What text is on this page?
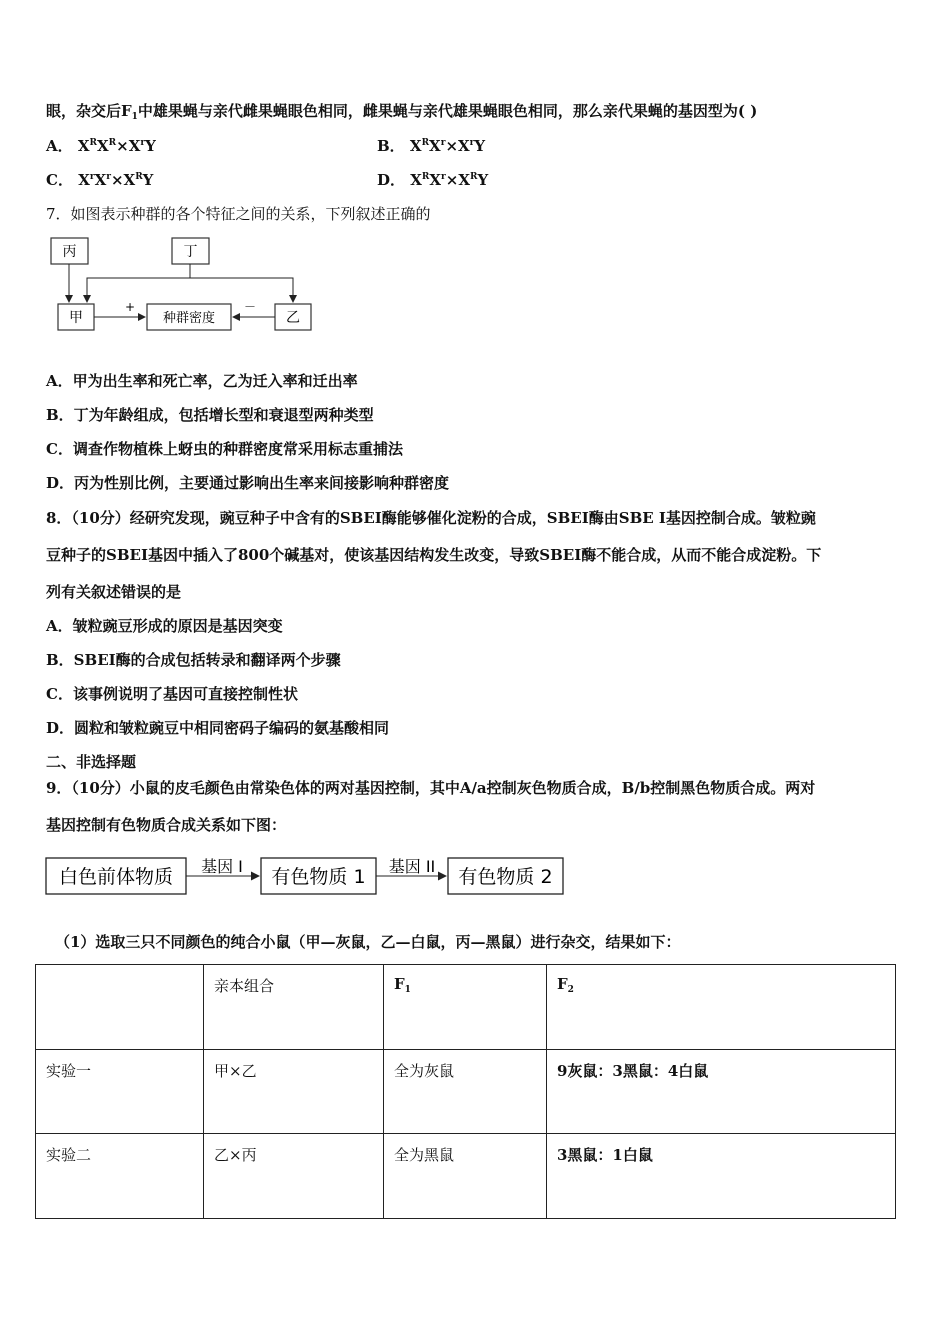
眼，杂交后$F_1$中雄果蝇与亲代雌果蝇眼色相同，雌果蝇与亲代雄果蝇眼色相同，那么亲代果蝇的基因型为( )
A． $X^RX^R\times X^rY$	B． $X^RX^r\times X^rY$
C． $X^rX^r\times X^RY$	D． $X^RX^r\times X^RY$
7．如图表示种群的各个特征之间的关系，下列叙述正确的
丙	丁
甲	种群密度	乙
+	－
A．甲为出生率和死亡率，乙为迁入率和迁出率
B．丁为年龄组成，包括增长型和衰退型两种类型
C．调查作物植株上蚜虫的种群密度常采用标志重捕法
D．丙为性别比例，主要通过影响出生率来间接影响种群密度
8．（10分）经研究发现，豌豆种子中含有的SBEI酶能够催化淀粉的合成，SBEI酶由SBE I基因控制合成。皱粒豌
豆种子的SBEI基因中插入了800个碱基对，使该基因结构发生改变，导致SBEI酶不能合成，从而不能合成淀粉。下
列有关叙述错误的是
A．皱粒豌豆形成的原因是基因突变
B．SBEI酶的合成包括转录和翻译两个步骤
C．该事例说明了基因可直接控制性状
D．圆粒和皱粒豌豆中相同密码子编码的氨基酸相同
二、非选择题
9．（10分）小鼠的皮毛颜色由常染色体的两对基因控制，其中A/a控制灰色物质合成，B/b控制黑色物质合成。两对
基因控制有色物质合成关系如下图：
白色前体物质 基因 I 有色物质 1 基因 II 有色物质 2
（1）选取三只不同颜色的纯合小鼠（甲—灰鼠，乙—白鼠，丙—黑鼠）进行杂交，结果如下：
	亲本组合	$F_1$	$F_2$
实验一	甲×乙	全为灰鼠	9灰鼠：3黑鼠：4白鼠
实验二	乙×丙	全为黑鼠	3黑鼠：1白鼠
